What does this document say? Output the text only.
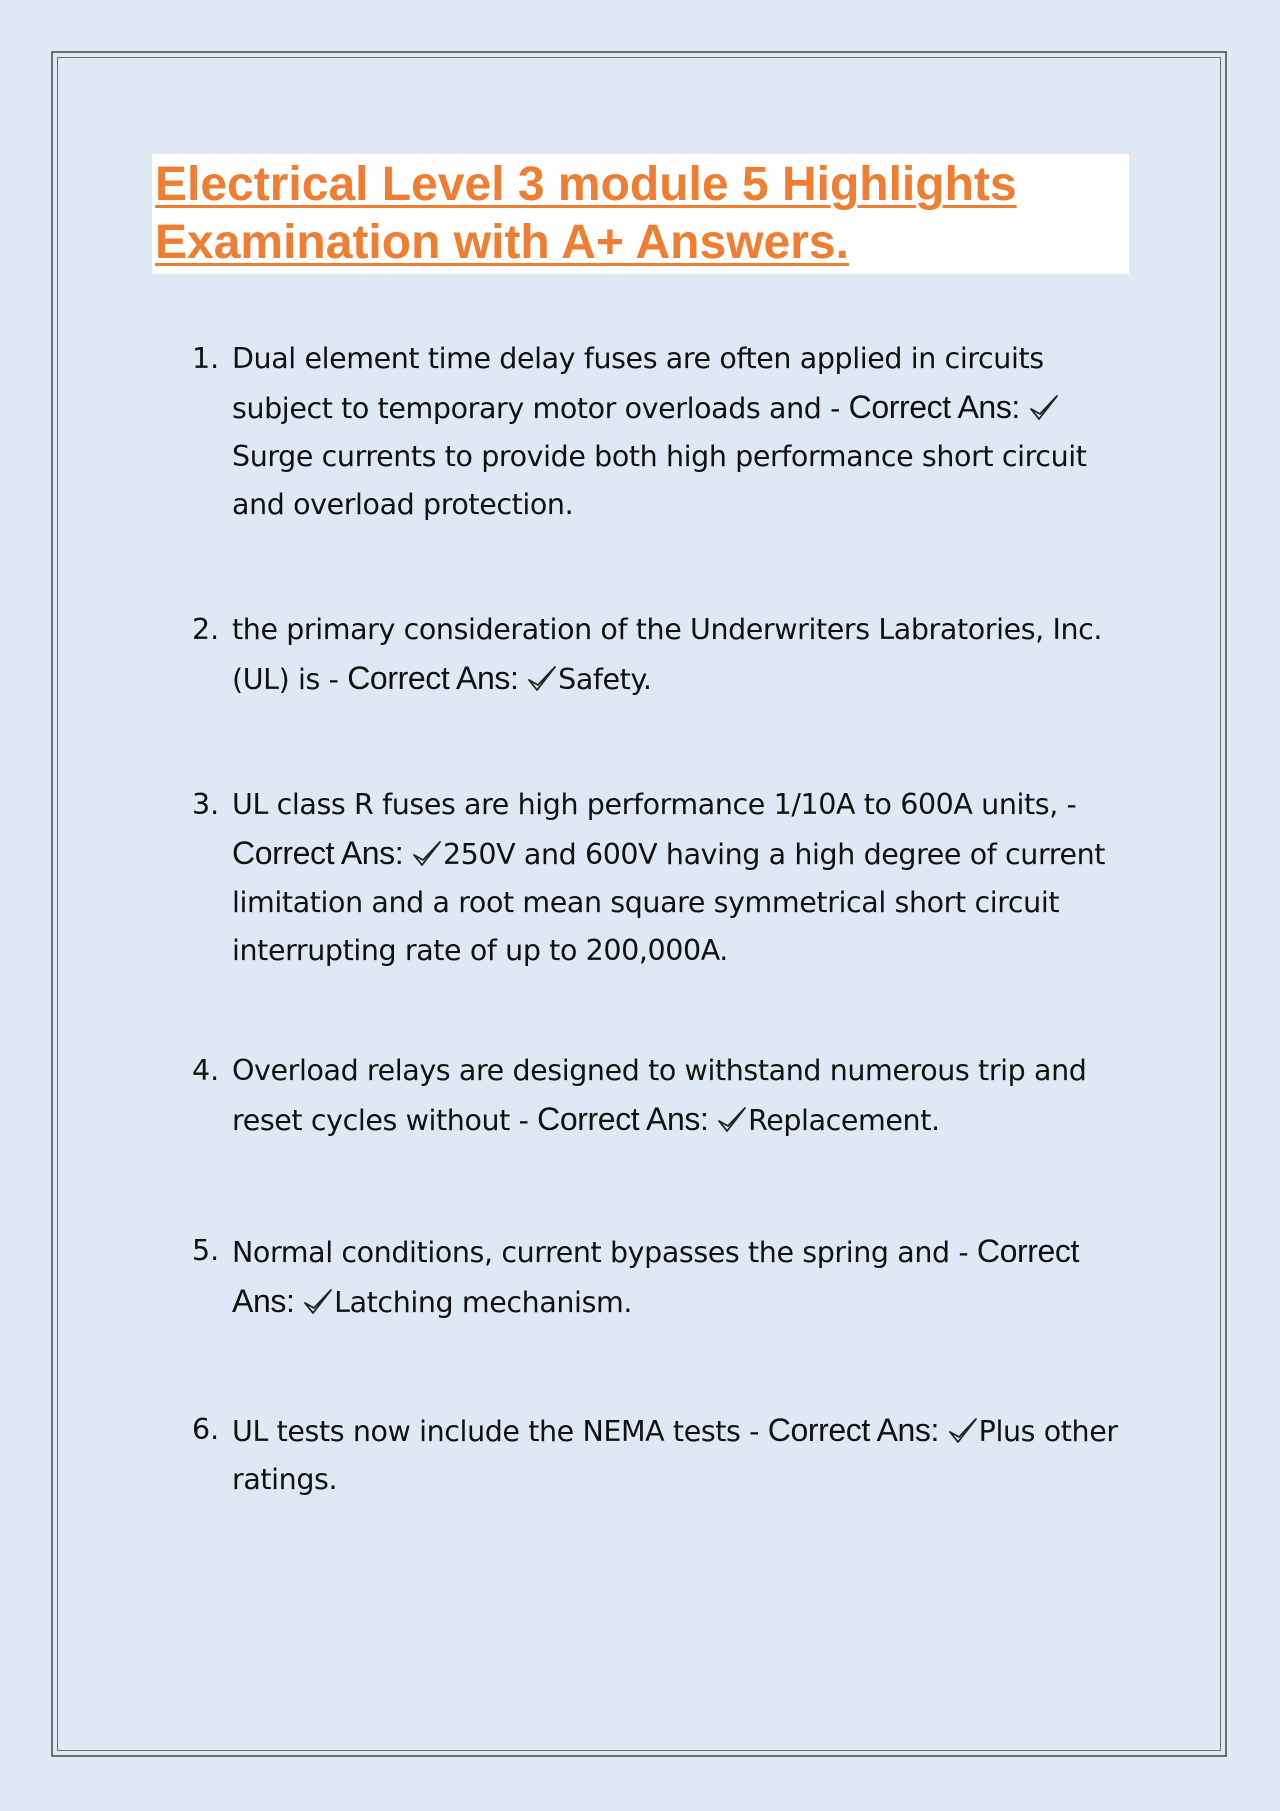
Electrical Level 3 module 5 Highlights Examination with A+ Answers.
1. Dual element time delay fuses are often applied in circuits subject to temporary motor overloads and - Correct Ans:
Surge currents to provide both high performance short circuit and overload protection.
2. the primary consideration of the Underwriters Labratories, Inc. (UL) is - Correct Ans: Safety.
3. UL class R fuses are high performance 1/10A to 600A units, - Correct Ans: 250V and 600V having a high degree of current limitation and a root mean square symmetrical short circuit interrupting rate of up to 200,000A.
4. Overload relays are designed to withstand numerous trip and reset cycles without - Correct Ans: Replacement.
5. Normal conditions, current bypasses the spring and - Correct Ans: Latching mechanism.
6. UL tests now include the NEMA tests - Correct Ans: Plus other ratings.
